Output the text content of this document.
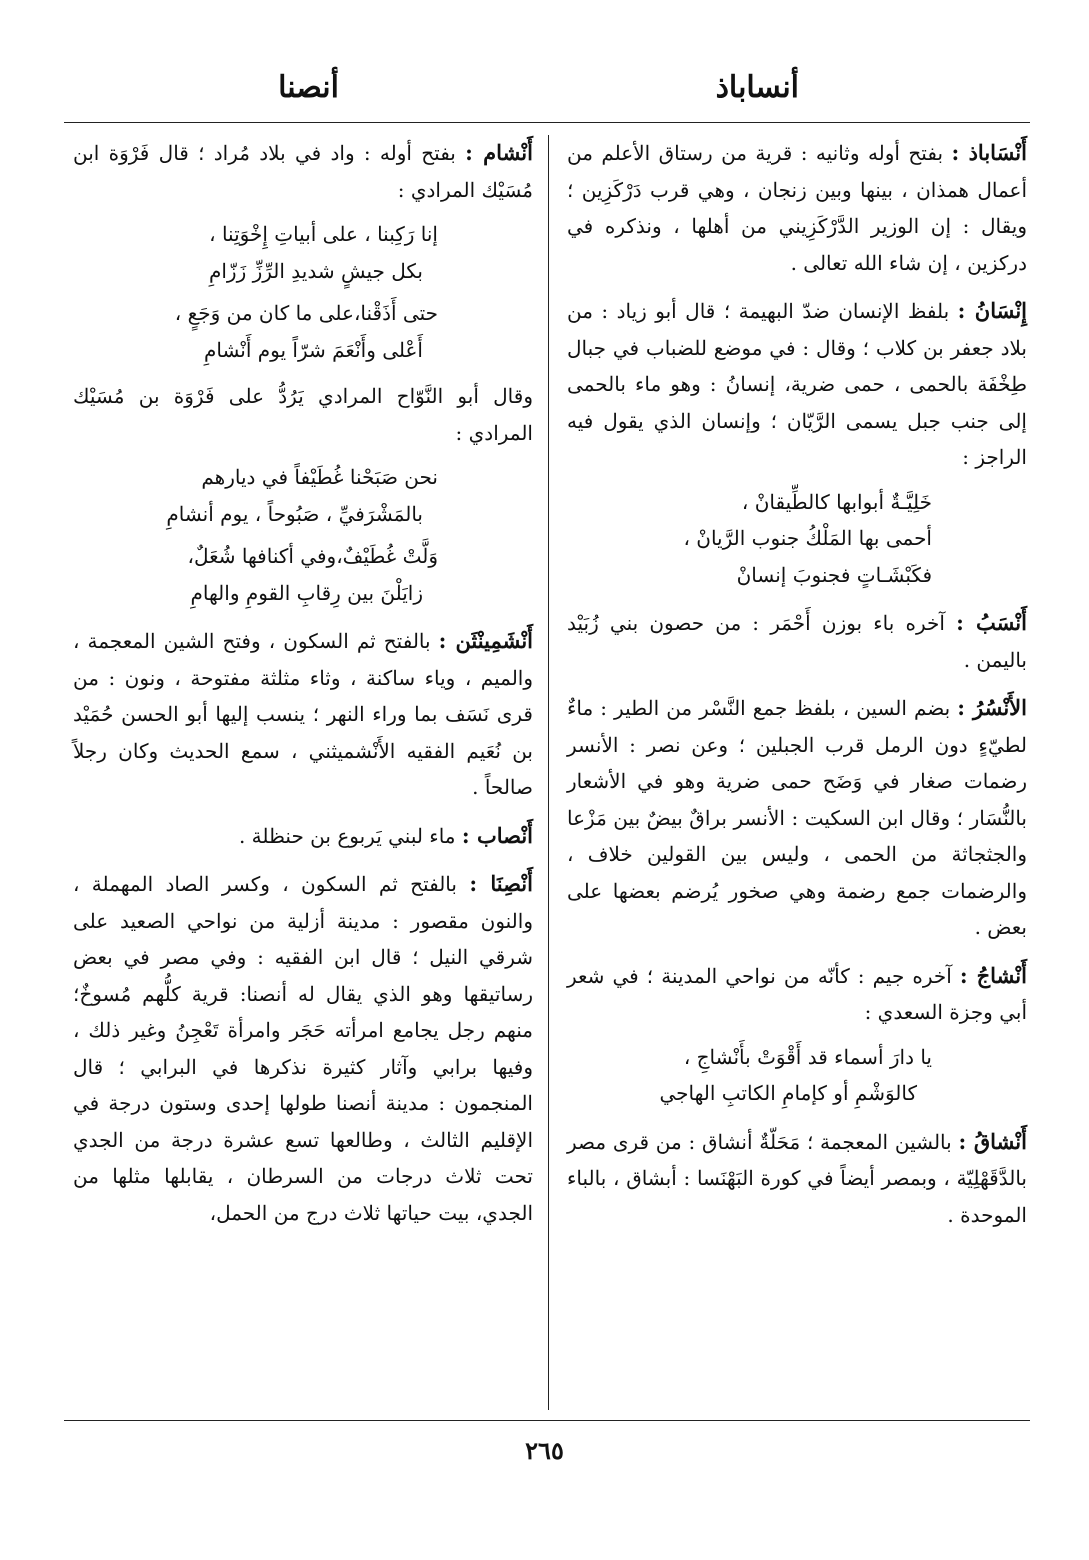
أنساباذ
أنصنا

أَنْسَاباذ : بفتح أوله وثانيه : قرية من رستاق الأعلم من أعمال همذان ، بينها وبين زنجان ، وهي قرب دَرْكَزِين ؛ ويقال : إن الوزير الدَّرْكَزِيني من أهلها ، ونذكره في دركزين ، إن شاء الله تعالى .

إِنْسَانُ : بلفظ الإنسان ضدّ البهيمة ؛ قال أبو زياد : من بلاد جعفر بن كلاب ؛ وقال : في موضع للضباب في جبال طِخْفَة بالحمى ، حمى ضرية، إنسانُ : وهو ماء بالحمى إلى جنب جبل يسمى الرَّيّان ؛ وإنسان الذي يقول فيه الراجز :

خَلِيَّـةٌ أبوابها كالطِّيقانْ ،
أحمى بها المَلْكُ جنوب الرَّيانْ ،
فكَبْشَـاتٍ فجنوبَ إنسانْ

أَنْسَبُ : آخره باء بوزن أَحْمَر : من حصون بني زُبَيْد باليمن .

الأَنْسُرُ : بضم السين ، بلفظ جمع النَّسْر من الطير : ماءٌ لطيّءٍ دون الرمل قرب الجبلين ؛ وعن نصر : الأنسر رضمات صغار في وَضَح حمى ضرية وهو في الأشعار بالنُّسَار ؛ وقال ابن السكيت : الأنسر براقٌ بيضٌ بين مَزْعا والجثجاثة من الحمى ، وليس بين القولين خلاف ، والرضمات جمع رضمة وهي صخور يُرضم بعضها على بعض .

أَنْشاجُ : آخره جيم : كأنّه من نواحي المدينة ؛ في شعر أبي وجزة السعدي :

يا دارَ أسماء قد أَقْوَتْ بأَنْشاجِ ،
كالوَشْمِ أو كإمامِ الكاتبِ الهاجي

أَنْشاقُ : بالشين المعجمة ؛ مَحَلّةٌ أنشاق : من قرى مصر بالدَّقَهْلِيّة ، وبمصر أيضاً في كورة البَهْنَسا : أبشاق ، بالباء الموحدة .

أَنْشام : بفتح أوله : واد في بلاد مُراد ؛ قال فَرْوَة ابن مُسَيْك المرادي :

إنا رَكِبنا ، على أبياتِ إِخْوَتِنا ،
بكل جيشٍ شديدِ الرِّزِّ زَزّامِ
حتى أَذَقْنا،على ما كان من وَجَعٍ ،
أَعْلى وأَنْعَمَ شرّاً يوم أَنْشامِ

وقال أبو النَّوّاح المرادي يَرُدُّ على فَرْوَة بن مُسَيْك المرادي :

نحن صَبَحْنا غُطَيْفاً في ديارهم
بالمَشْرَفيِّ ، صَبُوحاً ، يوم أنشامِ
وَلَّتْ غُطَيْفٌ،وفي أكنافها شُعَلٌ،
زايَلْنَ بين رِقابِ القومِ والهامِ

أَنْشَمِينْثَن : بالفتح ثم السكون ، وفتح الشين المعجمة ، والميم ، وياء ساكنة ، وثاء مثلثة مفتوحة ، ونون : من قرى نَسَف بما وراء النهر ؛ ينسب إليها أبو الحسن حُمَيْد بن نُعَيم الفقيه الأَنْشميثني ، سمع الحديث وكان رجلاً صالحاً .

أَنْصاب : ماء لبني يَربوع بن حنظلة .

أَنْصِنَا : بالفتح ثم السكون ، وكسر الصاد المهملة ، والنون مقصور : مدينة أزلية من نواحي الصعيد على شرقي النيل ؛ قال ابن الفقيه : وفي مصر في بعض رساتيقها وهو الذي يقال له أنصنا: قرية كلُّهم مُسوخٌ؛ منهم رجل يجامع امرأته حَجَر وامرأة تَعْجِنُ وغير ذلك ، وفيها برابي وآثار كثيرة نذكرها في البرابي ؛ قال المنجمون : مدينة أنصنا طولها إحدى وستون درجة في الإقليم الثالث ، وطالعها تسع عشرة درجة من الجدي تحت ثلاث درجات من السرطان ، يقابلها مثلها من الجدي، بيت حياتها ثلاث درج من الحمل،

٢٦٥
